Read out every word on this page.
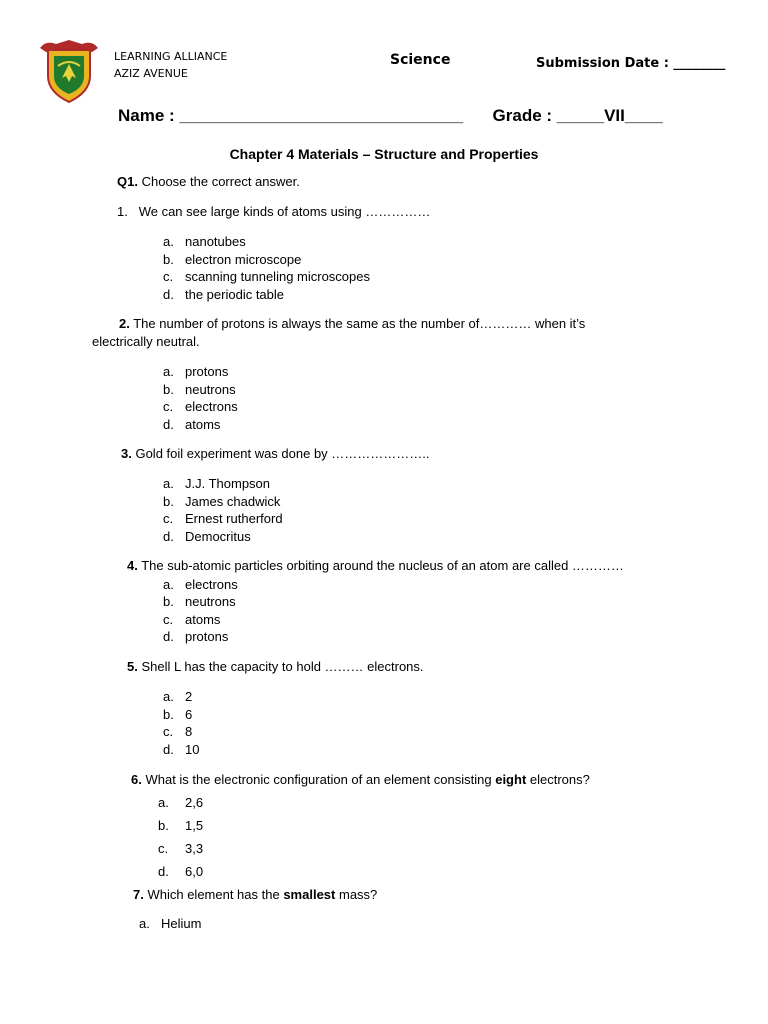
LEARNING ALLIANCE
AZIZ AVENUE
Science	Submission Date : ________
Name : ______________________________ Grade : _____VII____
Chapter 4 Materials – Structure and Properties
Q1. Choose the correct answer.
1. We can see large kinds of atoms using ……………
a. nanotubes
b. electron microscope
c. scanning tunneling microscopes
d. the periodic table
2. The number of protons is always the same as the number of………… when it’s
electrically neutral.
a. protons
b. neutrons
c. electrons
d. atoms
3. Gold foil experiment was done by …………………..
a. J.J. Thompson
b. James chadwick
c. Ernest rutherford
d. Democritus
4. The sub-atomic particles orbiting around the nucleus of an atom are called …………
a. electrons
b. neutrons
c. atoms
d. protons
5. Shell L has the capacity to hold ……… electrons.
a. 2
b. 6
c. 8
d. 10
6. What is the electronic configuration of an element consisting eight electrons?
a. 2,6
b. 1,5
c. 3,3
d. 6,0
7. Which element has the smallest mass?
a. Helium
